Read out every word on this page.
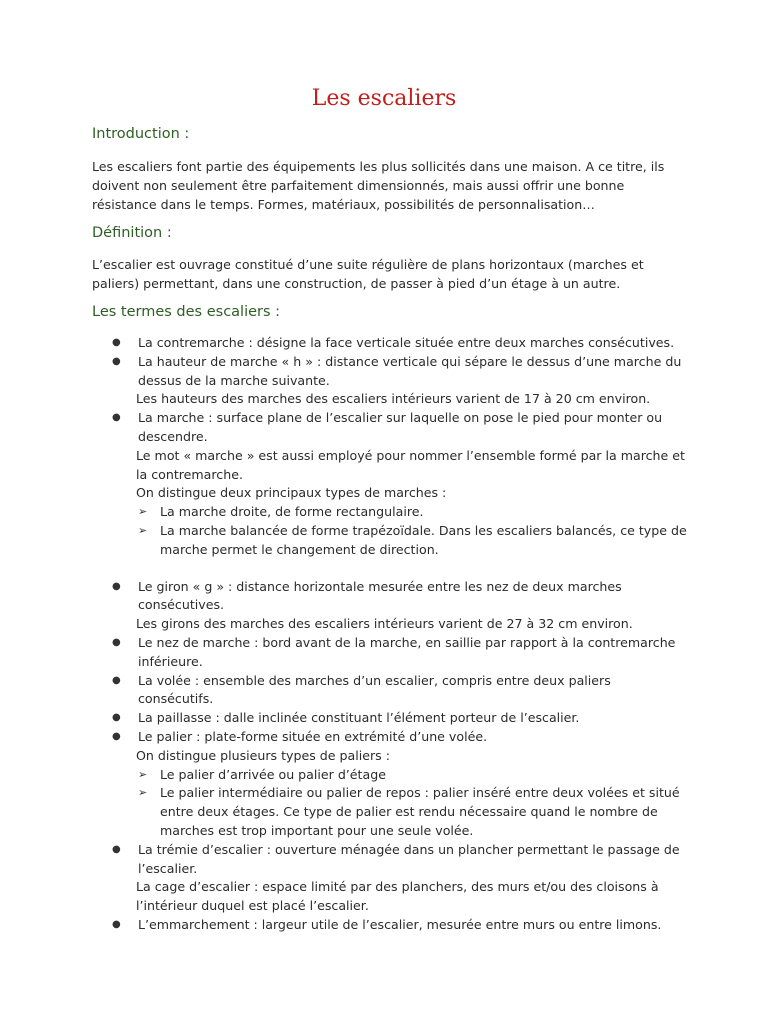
Les escaliers
Introduction :

Les escaliers font partie des équipements les plus sollicités dans une maison. A ce titre, ils doivent non seulement être parfaitement dimensionnés, mais aussi offrir une bonne résistance dans le temps. Formes, matériaux, possibilités de personnalisation…

Définition :

L’escalier est ouvrage constitué d’une suite régulière de plans horizontaux (marches et paliers) permettant, dans une construction, de passer à pied d’un étage à un autre.

Les termes des escaliers :
● La contremarche : désigne la face verticale située entre deux marches consécutives.
● La hauteur de marche « h » : distance verticale qui sépare le dessus d’une marche du dessus de la marche suivante.
Les hauteurs des marches des escaliers intérieurs varient de 17 à 20 cm environ.
● La marche : surface plane de l’escalier sur laquelle on pose le pied pour monter ou descendre.
Le mot « marche » est aussi employé pour nommer l’ensemble formé par la marche et la contremarche.
On distingue deux principaux types de marches :
➢ La marche droite, de forme rectangulaire.
➢ La marche balancée de forme trapézoïdale. Dans les escaliers balancés, ce type de marche permet le changement de direction.
● Le giron « g » : distance horizontale mesurée entre les nez de deux marches consécutives.
Les girons des marches des escaliers intérieurs varient de 27 à 32 cm environ.
● Le nez de marche : bord avant de la marche, en saillie par rapport à la contremarche inférieure.
● La volée : ensemble des marches d’un escalier, compris entre deux paliers consécutifs.
● La paillasse : dalle inclinée constituant l’élément porteur de l’escalier.
● Le palier : plate-forme située en extrémité d’une volée.
On distingue plusieurs types de paliers :
➢ Le palier d’arrivée ou palier d’étage
➢ Le palier intermédiaire ou palier de repos : palier inséré entre deux volées et situé entre deux étages. Ce type de palier est rendu nécessaire quand le nombre de marches est trop important pour une seule volée.
● La trémie d’escalier : ouverture ménagée dans un plancher permettant le passage de l’escalier.
La cage d’escalier : espace limité par des planchers, des murs et/ou des cloisons à l’intérieur duquel est placé l’escalier.
● L’emmarchement : largeur utile de l’escalier, mesurée entre murs ou entre limons.
